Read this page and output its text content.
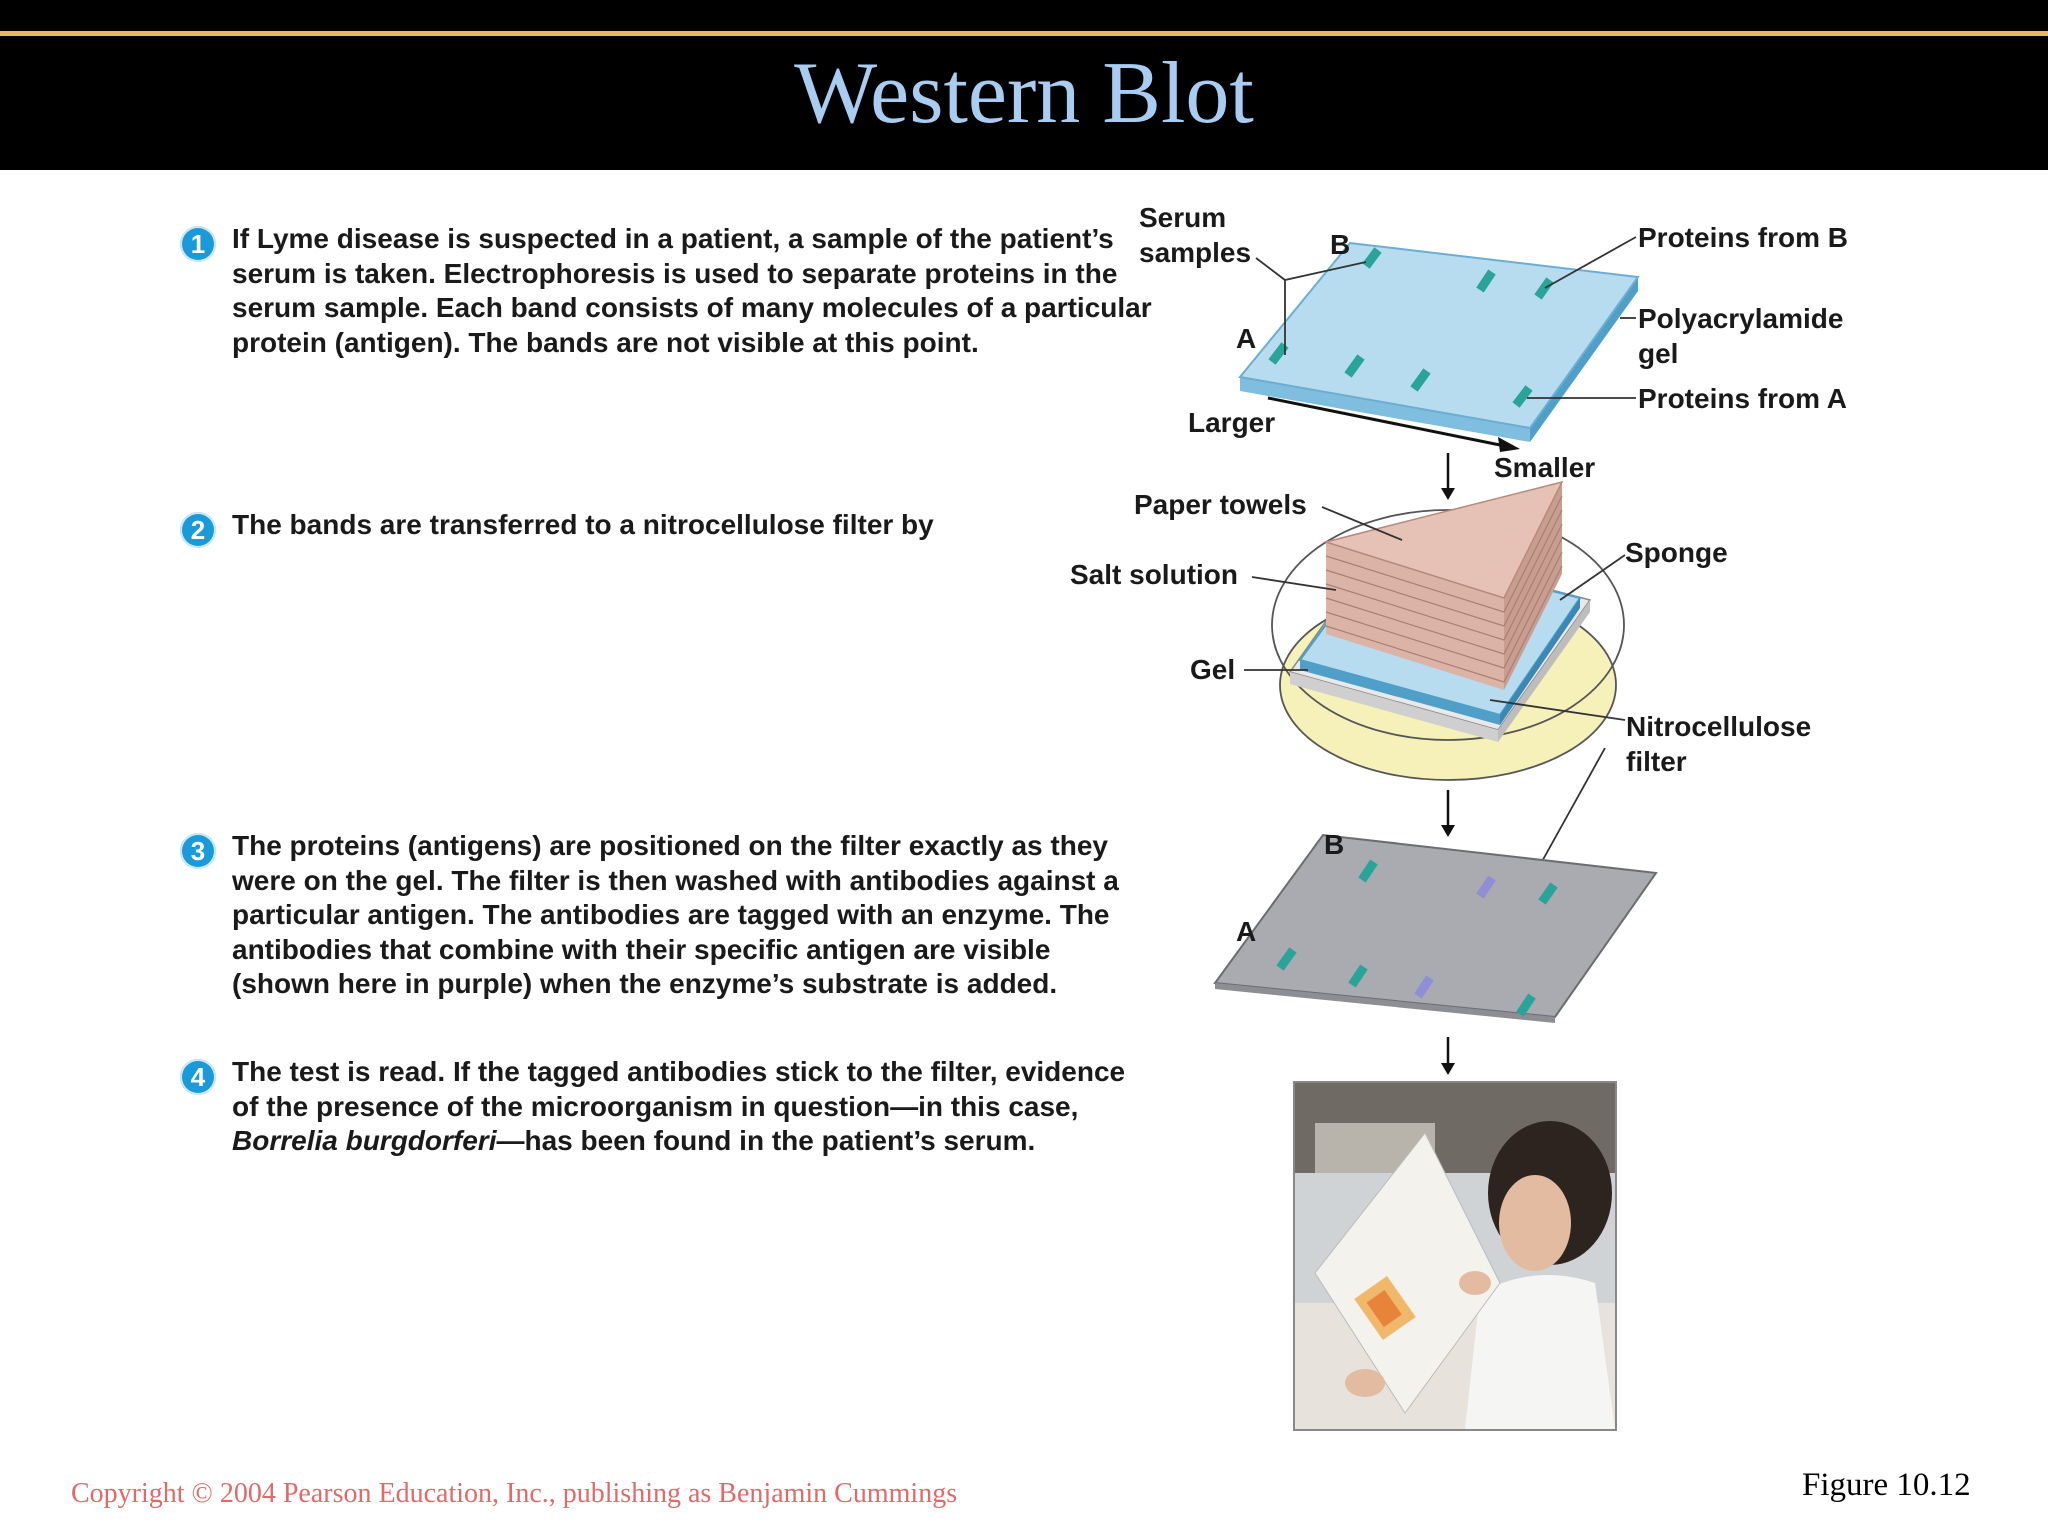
Western Blot
1 If Lyme disease is suspected in a patient, a sample of the patient’s serum is taken. Electrophoresis is used to separate proteins in the serum sample. Each band consists of many molecules of a particular protein (antigen). The bands are not visible at this point.
2 The bands are transferred to a nitrocellulose filter by
3 The proteins (antigens) are positioned on the filter exactly as they were on the gel. The filter is then washed with antibodies against a particular antigen. The antibodies are tagged with an enzyme. The antibodies that combine with their specific antigen are visible (shown here in purple) when the enzyme’s substrate is added.
4 The test is read. If the tagged antibodies stick to the filter, evidence of the presence of the microorganism in question—in this case, Borrelia burgdorferi—has been found in the patient’s serum.
Serum
samples	B
A
Proteins from B
Polyacrylamide
gel
Proteins from A
Larger
Smaller
Paper towels
Salt solution
Sponge
Gel
Nitrocellulose
filter
B
A
Copyright © 2004 Pearson Education, Inc., publishing as Benjamin Cummings	Figure 10.12
